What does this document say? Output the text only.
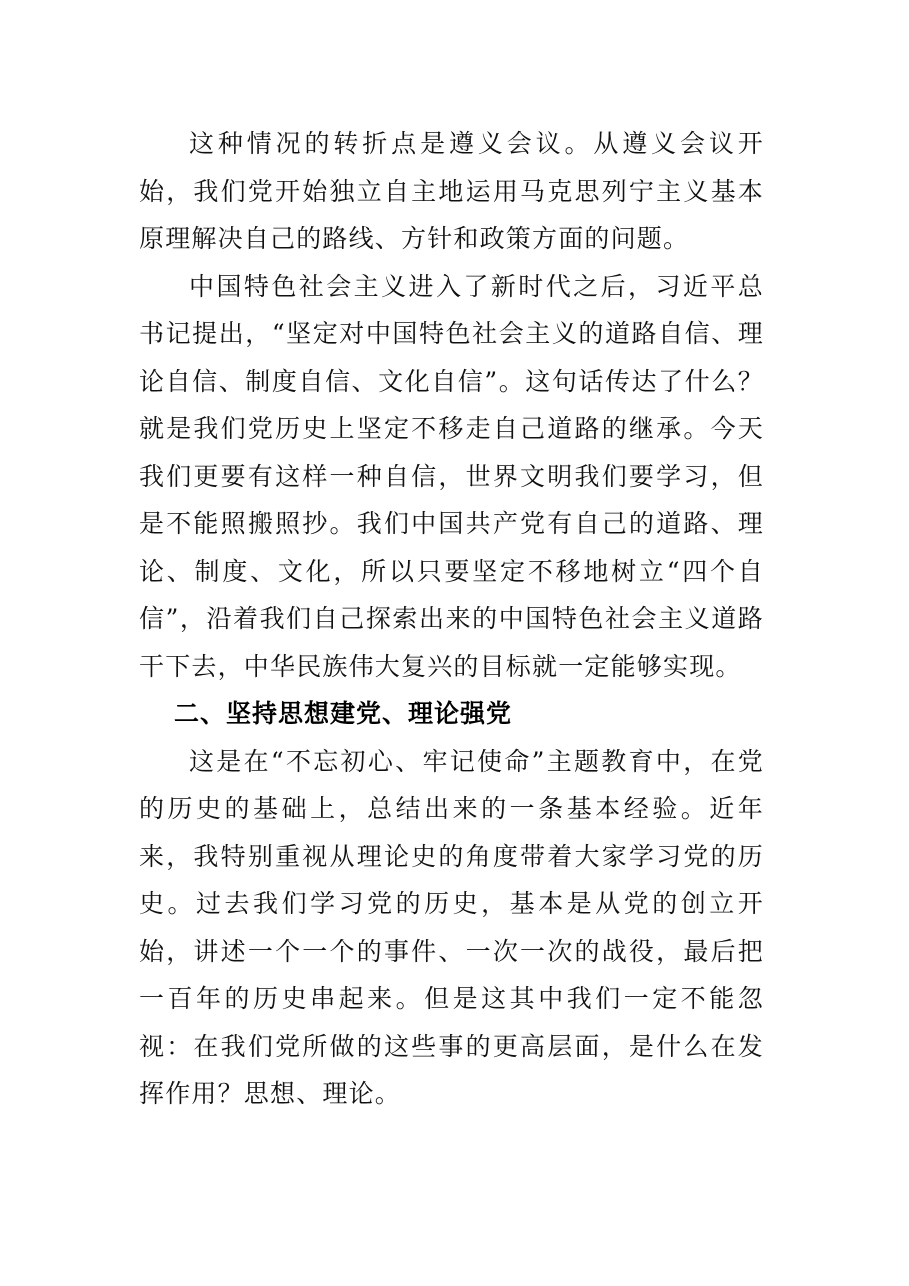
这种情况的转折点是遵义会议。从遵义会议开始，我们党开始独立自主地运用马克思列宁主义基本原理解决自己的路线、方针和政策方面的问题。

中国特色社会主义进入了新时代之后，习近平总书记提出，“坚定对中国特色社会主义的道路自信、理论自信、制度自信、文化自信”。这句话传达了什么？就是我们党历史上坚定不移走自己道路的继承。今天我们更要有这样一种自信，世界文明我们要学习，但是不能照搬照抄。我们中国共产党有自己的道路、理论、制度、文化，所以只要坚定不移地树立“四个自信”，沿着我们自己探索出来的中国特色社会主义道路干下去，中华民族伟大复兴的目标就一定能够实现。

二、坚持思想建党、理论强党

这是在“不忘初心、牢记使命”主题教育中，在党的历史的基础上，总结出来的一条基本经验。近年来，我特别重视从理论史的角度带着大家学习党的历史。过去我们学习党的历史，基本是从党的创立开始，讲述一个一个的事件、一次一次的战役，最后把一百年的历史串起来。但是这其中我们一定不能忽视：在我们党所做的这些事的更高层面，是什么在发挥作用？思想、理论。
